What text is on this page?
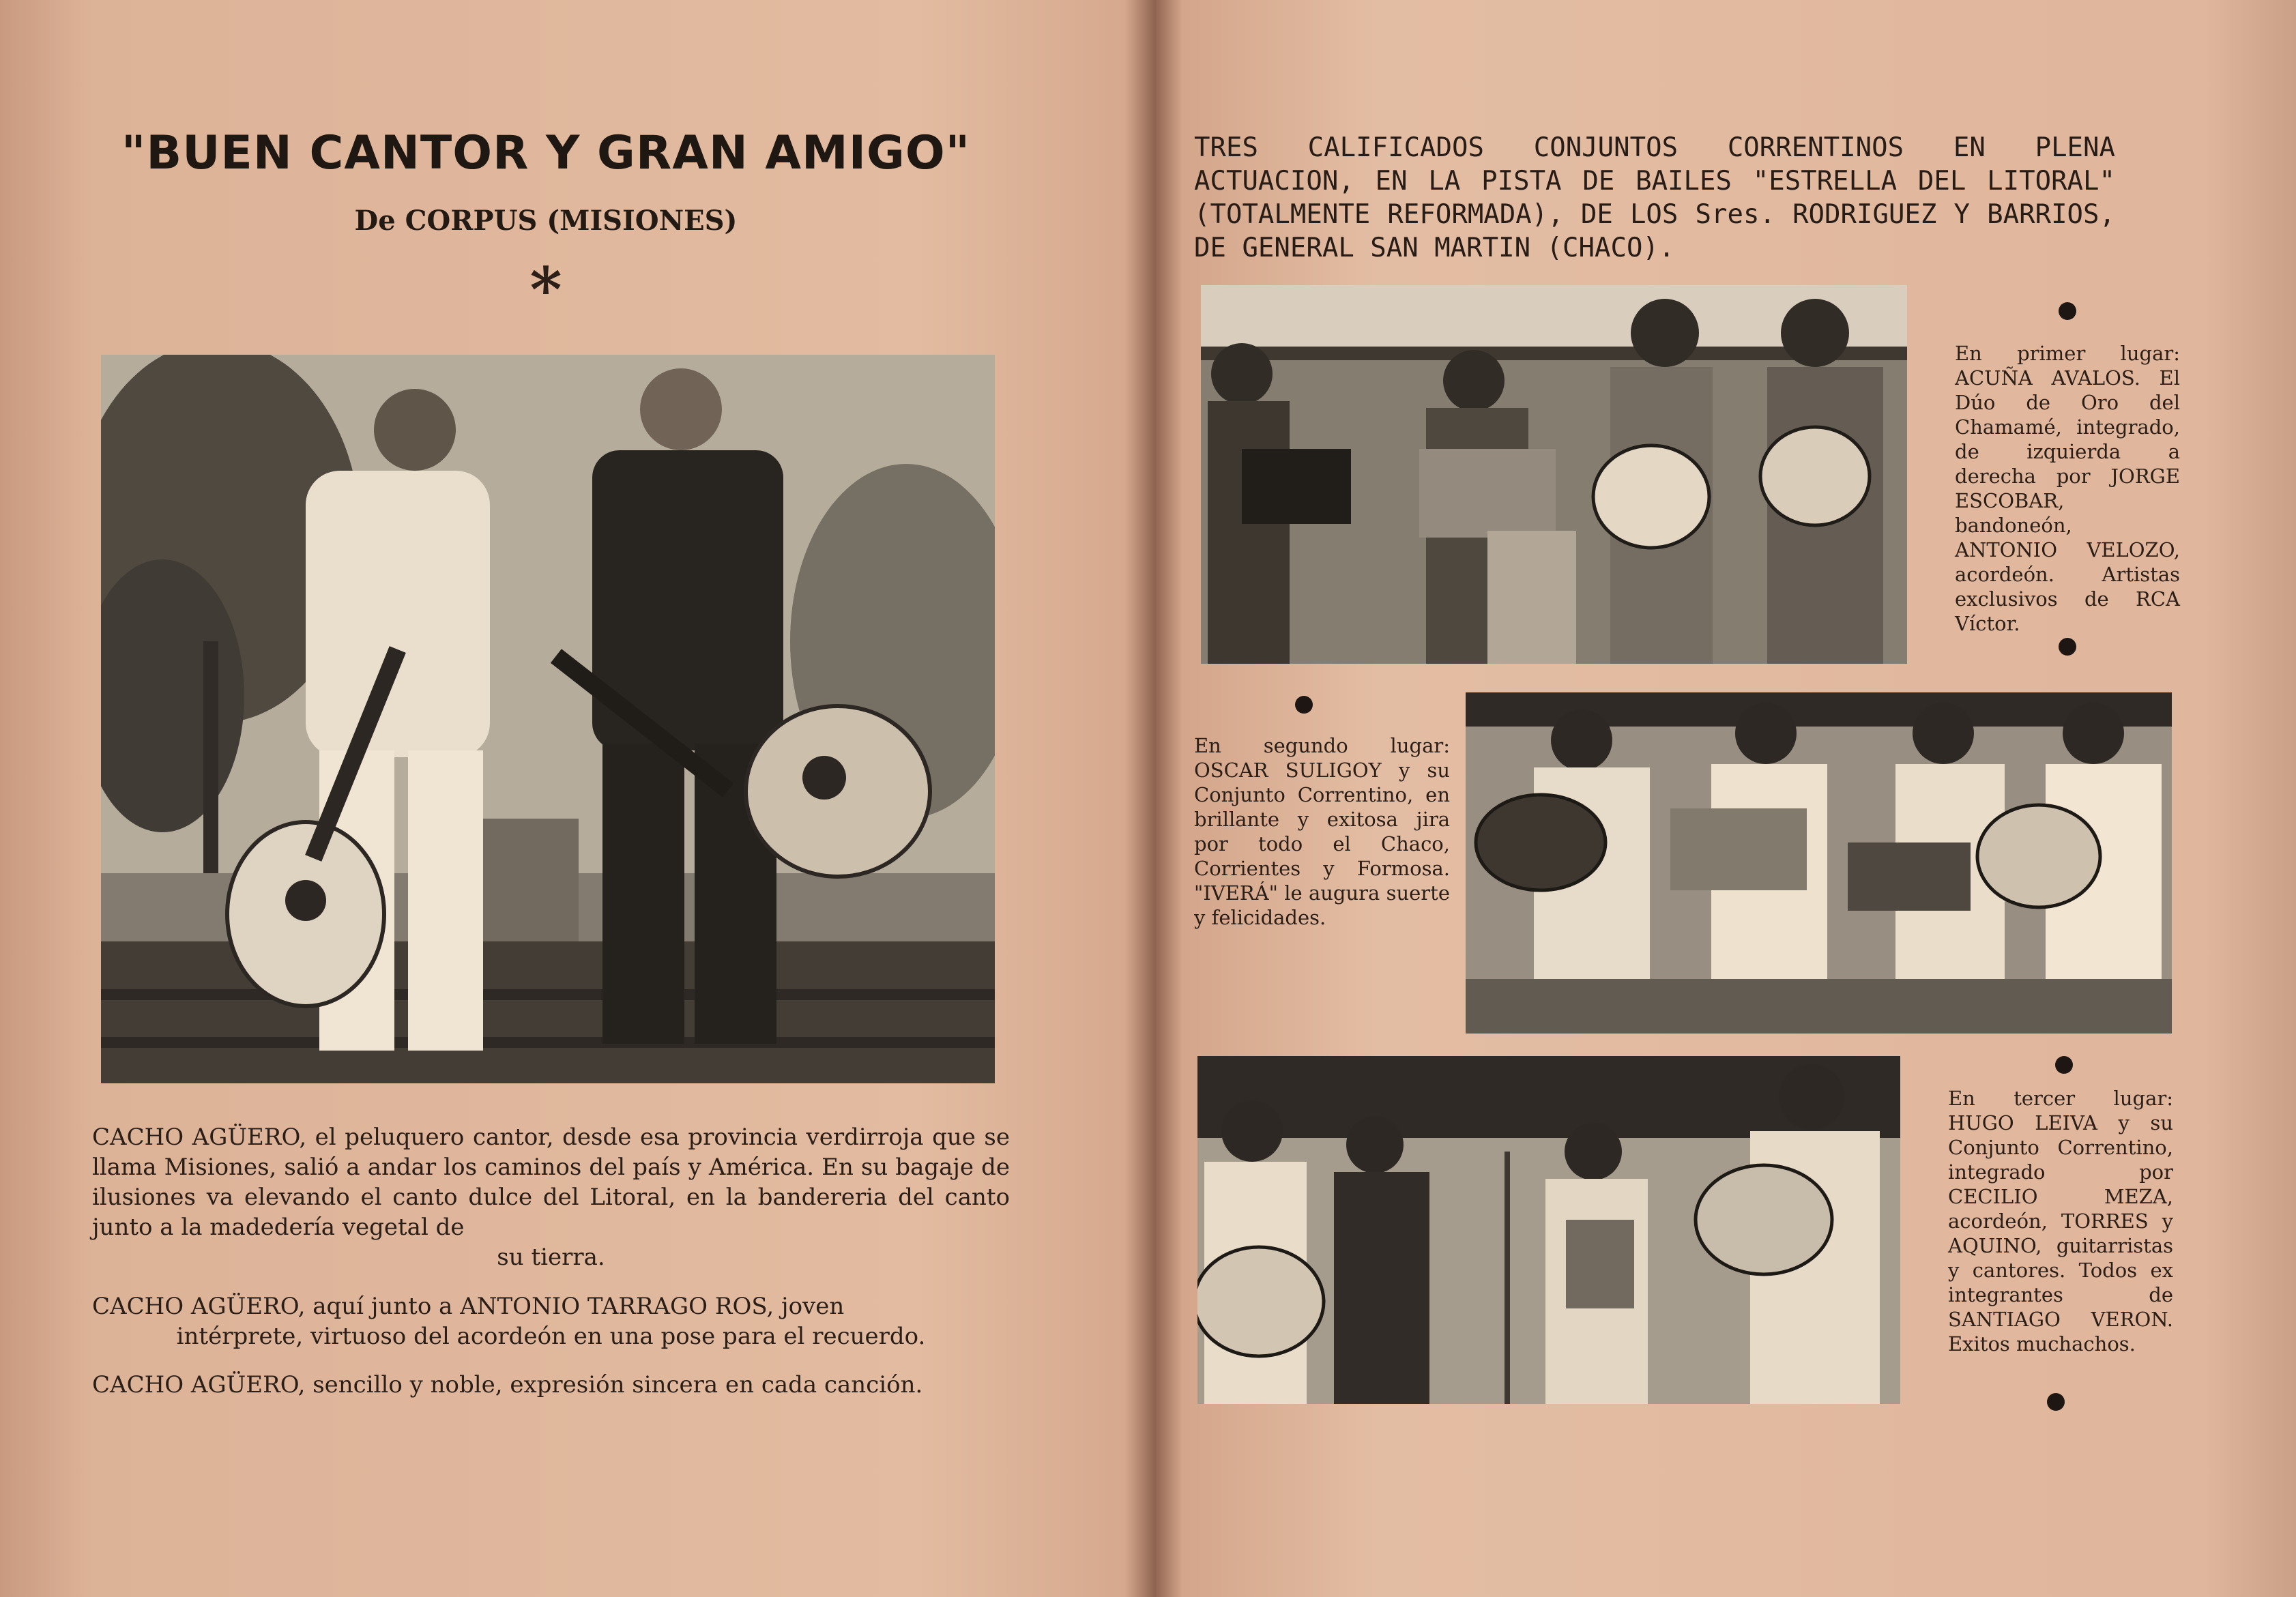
"BUEN CANTOR Y GRAN AMIGO"
De CORPUS (MISIONES)
*
CACHO AGÜERO, el peluquero cantor, desde esa provincia verdirroja que se llama Misiones, salió a andar los caminos del país y América. En su bagaje de ilusiones va elevando el canto dulce del Litoral, en la bandereria del canto junto a la madedería vegetal de
su tierra.
CACHO AGÜERO, aquí junto a ANTONIO TARRAGO ROS, joven
intérprete, virtuoso del acordeón en una pose para el recuerdo.
CACHO AGÜERO, sencillo y noble, expresión sincera en cada canción.
TRES CALIFICADOS CONJUNTOS CORRENTINOS EN PLENA ACTUACION, EN LA PISTA DE BAILES "ESTRELLA DEL LITORAL" (TOTALMENTE REFORMADA), DE LOS Sres. RODRIGUEZ Y BARRIOS, DE GENERAL SAN MARTIN (CHACO).
En primer lugar: ACUÑA AVALOS. El Dúo de Oro del Chamamé, integrado, de izquierda a derecha por JORGE ESCOBAR, bandoneón, ANTONIO VELOZO, acordeón. Artistas exclusivos de RCA Víctor.
En segundo lugar: OSCAR SULIGOY y su Conjunto Correntino, en brillante y exitosa jira por todo el Chaco, Corrientes y Formosa. "IVERÁ" le augura suerte y felicidades.
En tercer lugar: HUGO LEIVA y su Conjunto Correntino, integrado por CECILIO MEZA, acordeón, TORRES y AQUINO, guitarristas y cantores. Todos ex integrantes de SANTIAGO VERON. Exitos muchachos.
